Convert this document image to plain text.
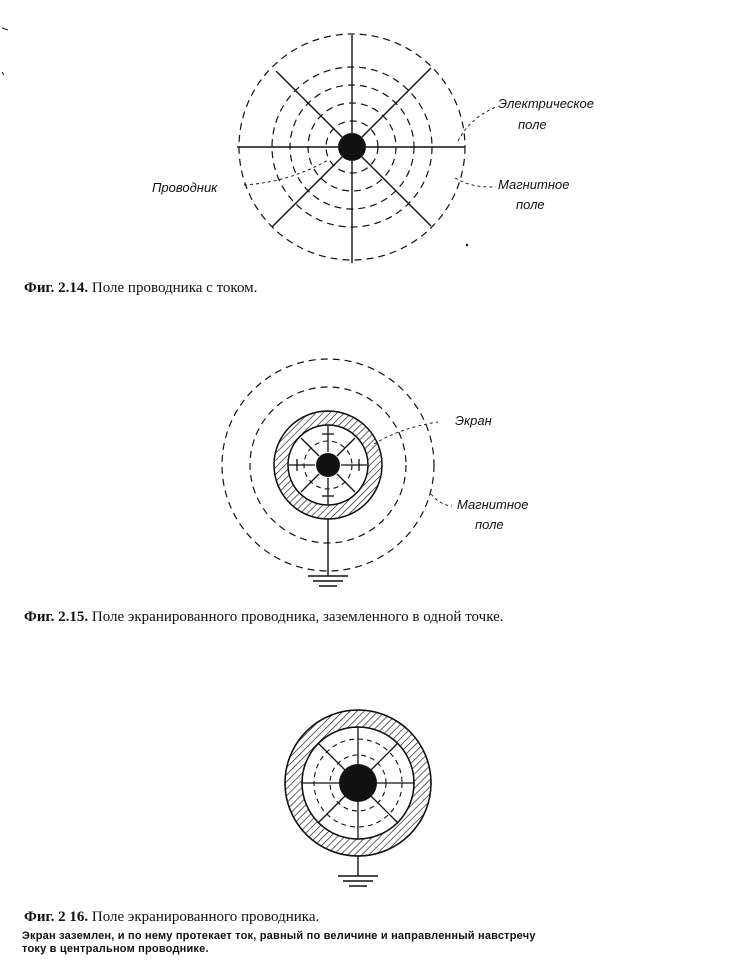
Электрическое
поле
Магнитное
поле
Проводник
Экран
Магнитное
поле
Фиг. 2.14. Поле проводника с током.
Фиг. 2.15. Поле экранированного проводника, заземленного в одной точке.
Фиг. 2 16. Поле экранированного проводника.
Экран заземлен, и по нему протекает ток, равный по величине и направленный навстречу
току в центральном проводнике.
